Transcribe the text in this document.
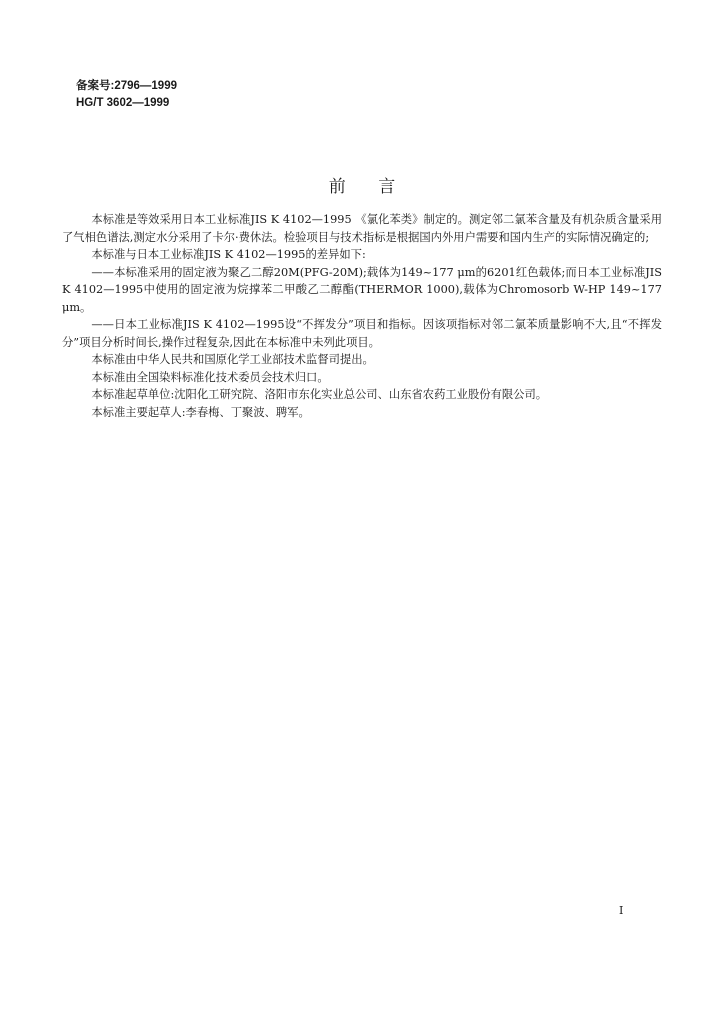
备案号:2796—1999
HG/T 3602—1999
前      言

本标准是等效采用日本工业标准JIS K 4102—1995 《氯化苯类》制定的。测定邻二氯苯含量及有机杂质含量采用了气相色谱法,测定水分采用了卡尔·费休法。检验项目与技术指标是根据国内外用户需要和国内生产的实际情况确定的;

本标准与日本工业标准JIS K 4102—1995的差异如下:

——本标准采用的固定液为聚乙二醇20M(PFG-20M);载体为149~177 μm的6201红色载体;而日本工业标准JIS K 4102—1995中使用的固定液为烷撑苯二甲酸乙二醇酯(THERMOR 1000),载体为Chromosorb W-HP 149~177 μm。

——日本工业标准JIS K 4102—1995设“不挥发分”项目和指标。因该项指标对邻二氯苯质量影响不大,且“不挥发分”项目分析时间长,操作过程复杂,因此在本标准中未列此项目。

本标准由中华人民共和国原化学工业部技术监督司提出。

本标准由全国染料标准化技术委员会技术归口。

本标准起草单位:沈阳化工研究院、洛阳市东化实业总公司、山东省农药工业股份有限公司。

本标准主要起草人:李春梅、丁聚波、聘军。

I
